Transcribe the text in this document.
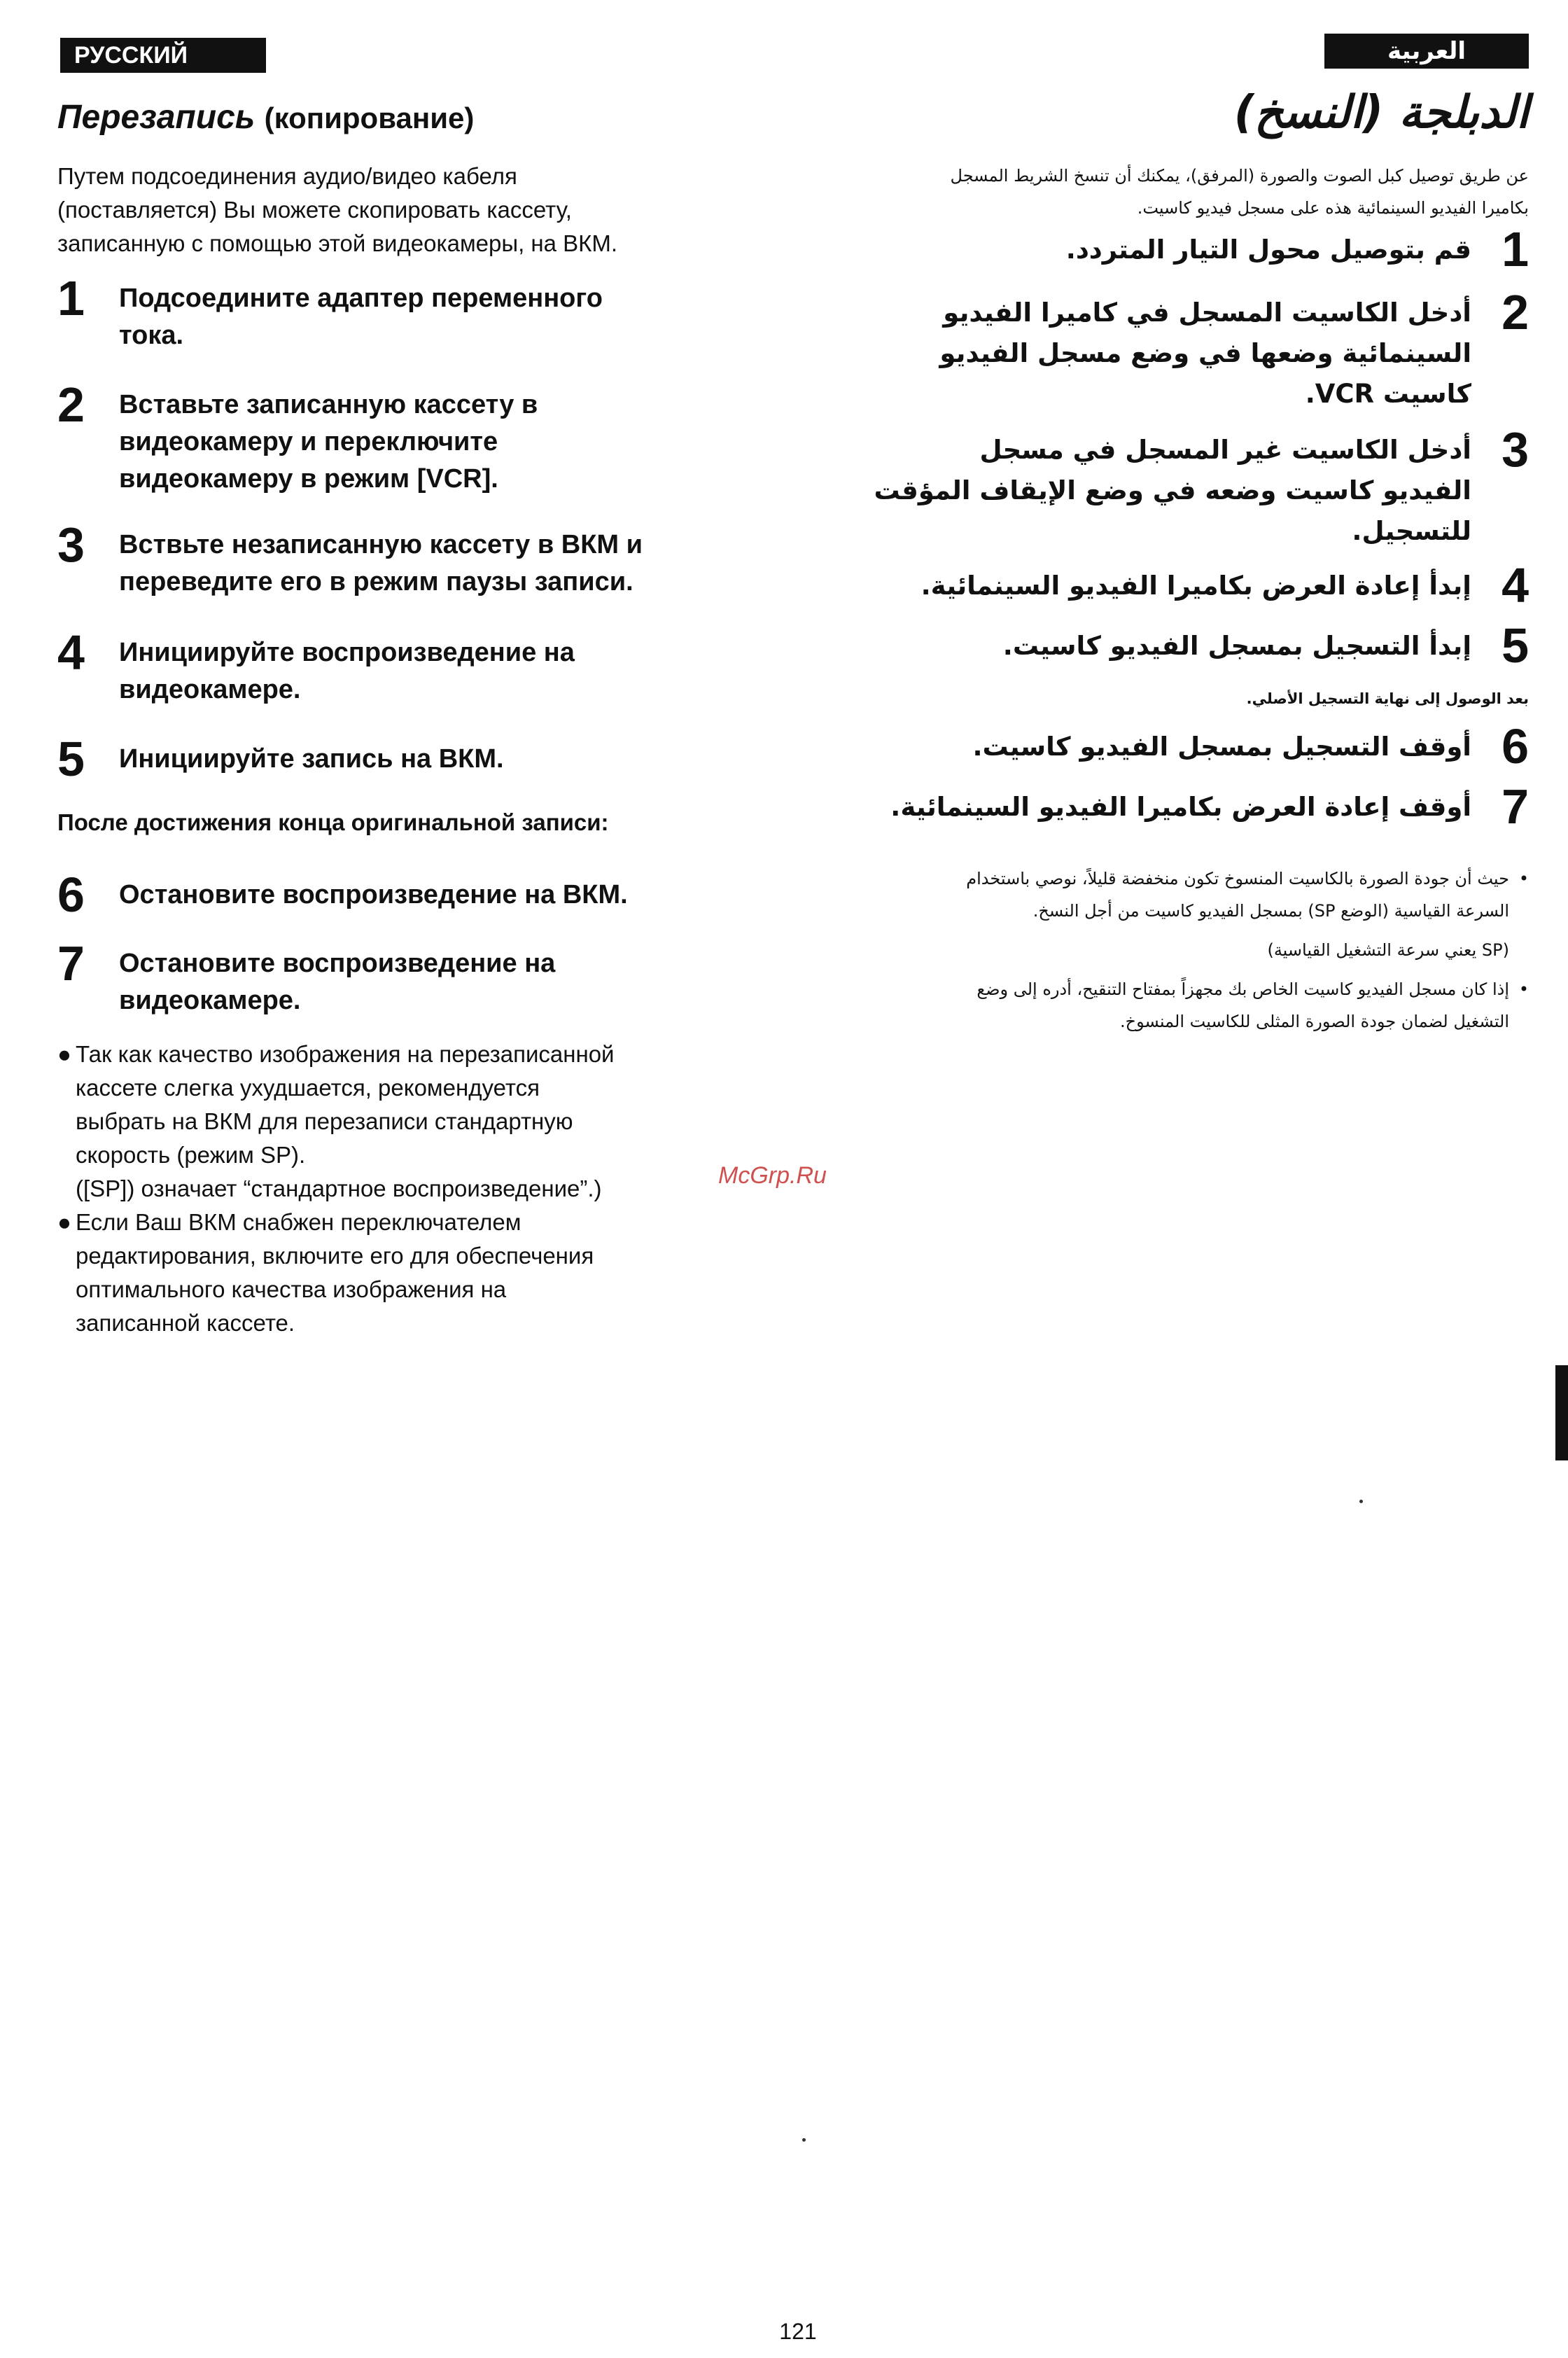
РУССКИЙ ЯЗЫК
العربية
Перезапись (копирование)
Путем подсоединения аудио/видео кабеля
(поставляется) Вы можете скопировать кассету,
записанную с помощью этой видеокамеры, на ВКМ.
1 Подсоедините адаптер переменного
тока.
2 Вставьте записанную кассету в
видеокамеру и переключите
видеокамеру в режим [VCR].
3 Вствьте незаписанную кассету в ВКМ и
переведите его в режим паузы записи.
4 Инициируйте воспроизведение на
видеокамере.
5 Инициируйте запись на ВКМ.
После достижения конца оригинальной записи:
6 Остановите воспроизведение на ВКМ.
7 Остановите воспроизведение на
видеокамере.
● Так как качество изображения на перезаписанной
кассете слегка ухудшается, рекомендуется
выбрать на ВКМ для перезаписи стандартную
скорость (режим SP).
([SP]) означает “стандартное воспроизведение”.)
● Если Ваш ВКМ снабжен переключателем
редактирования, включите его для обеспечения
оптимального качества изображения на
записанной кассете.
الدبلجة (النسخ)
عن طريق توصيل كبل الصوت والصورة (المرفق)، يمكنك أن تنسخ الشريط المسجل
بكاميرا الفيديو السينمائية هذه على مسجل فيديو كاسيت.
1
قم بتوصيل محول التيار المتردد.
2
أدخل الكاسيت المسجل في كاميرا الفيديو
السينمائية وضعها في وضع مسجل الفيديو
كاسيت VCR.
3
أدخل الكاسيت غير المسجل في مسجل
الفيديو كاسيت وضعه في وضع الإيقاف المؤقت
للتسجيل.
4
إبدأ إعادة العرض بكاميرا الفيديو السينمائية.
5
إبدأ التسجيل بمسجل الفيديو كاسيت.
بعد الوصول إلى نهاية التسجيل الأصلي.
6
أوقف التسجيل بمسجل الفيديو كاسيت.
7
أوقف إعادة العرض بكاميرا الفيديو السينمائية.
•
حيث أن جودة الصورة بالكاسيت المنسوخ تكون منخفضة قليلاً، نوصي باستخدام
السرعة القياسية (الوضع SP) بمسجل الفيديو كاسيت من أجل النسخ.
(SP يعني سرعة التشغيل القياسية)
•
إذا كان مسجل الفيديو كاسيت الخاص بك مجهزاً بمفتاح التنقيح، أدره إلى وضع
التشغيل لضمان جودة الصورة المثلى للكاسيت المنسوخ.
McGrp.Ru
121
